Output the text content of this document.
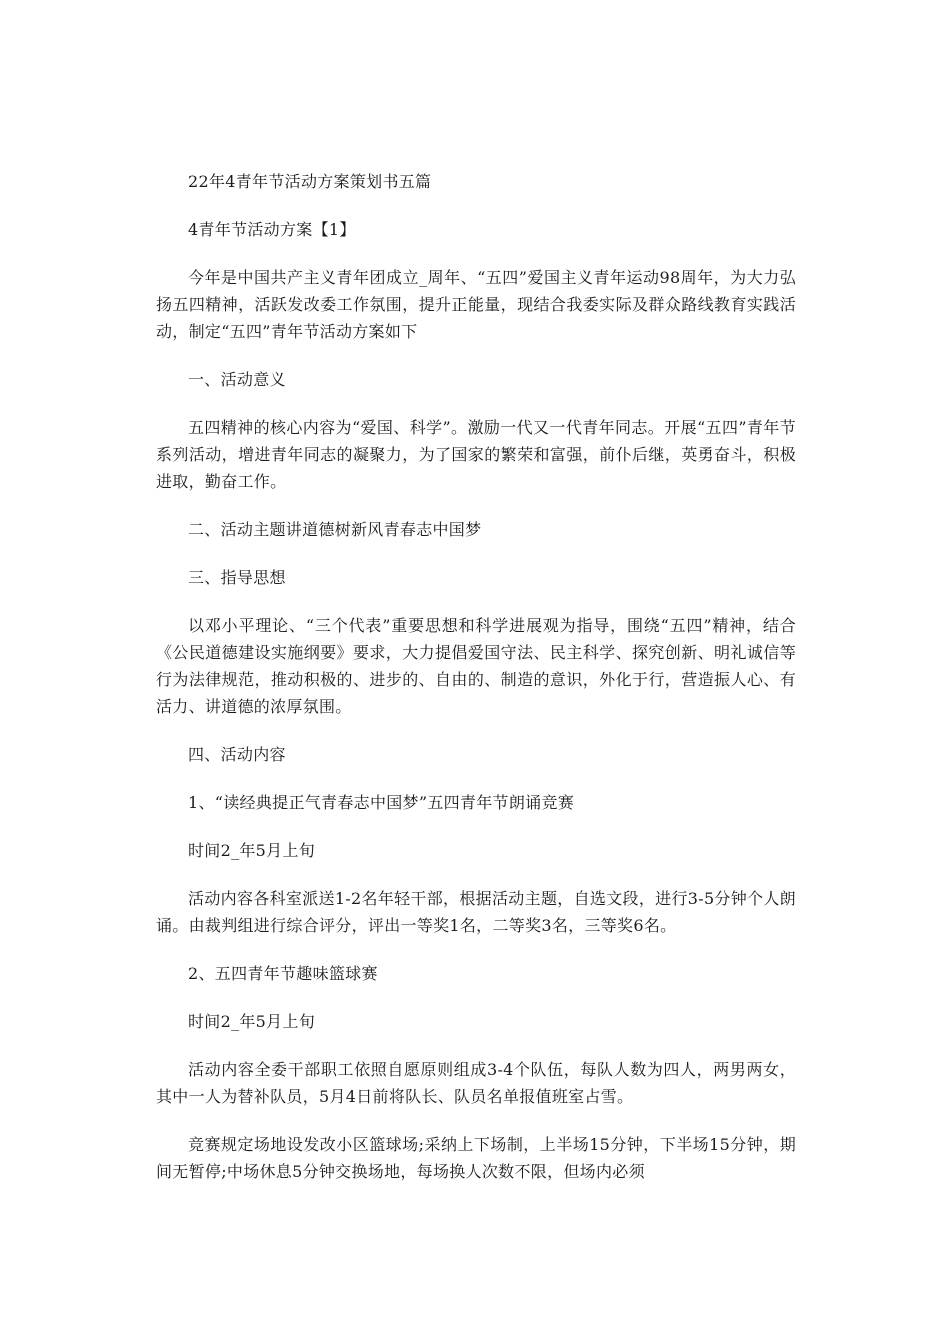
22年4青年节活动方案策划书五篇

4青年节活动方案【1】

今年是中国共产主义青年团成立_周年、“五四”爱国主义青年运动98周年，为大力弘扬五四精神，活跃发改委工作氛围，提升正能量，现结合我委实际及群众路线教育实践活动，制定“五四”青年节活动方案如下

一、活动意义

五四精神的核心内容为“爱国、科学”。激励一代又一代青年同志。开展“五四”青年节系列活动，增进青年同志的凝聚力，为了国家的繁荣和富强，前仆后继，英勇奋斗，积极进取，勤奋工作。

二、活动主题讲道德树新风青春志中国梦

三、指导思想

以邓小平理论、“三个代表”重要思想和科学进展观为指导，围绕“五四”精神，结合《公民道德建设实施纲要》要求，大力提倡爱国守法、民主科学、探究创新、明礼诚信等行为法律规范，推动积极的、进步的、自由的、制造的意识，外化于行，营造振人心、有活力、讲道德的浓厚氛围。

四、活动内容

1、“读经典提正气青春志中国梦”五四青年节朗诵竞赛

时间2_年5月上旬

活动内容各科室派送1-2名年轻干部，根据活动主题，自选文段，进行3-5分钟个人朗诵。由裁判组进行综合评分，评出一等奖1名，二等奖3名，三等奖6名。

2、五四青年节趣味篮球赛

时间2_年5月上旬

活动内容全委干部职工依照自愿原则组成3-4个队伍，每队人数为四人，两男两女，其中一人为替补队员，5月4日前将队长、队员名单报值班室占雪。

竞赛规定场地设发改小区篮球场;采纳上下场制，上半场15分钟，下半场15分钟，期间无暂停;中场休息5分钟交换场地，每场换人次数不限，但场内必须
